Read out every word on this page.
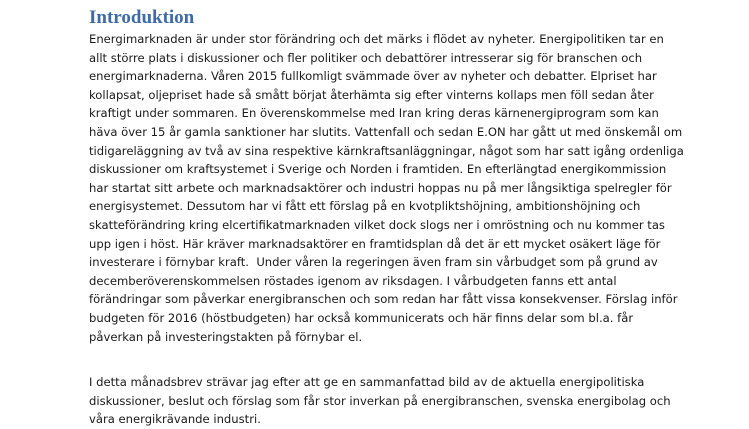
Introduktion
Energimarknaden är under stor förändring och det märks i flödet av nyheter. Energipolitiken tar en
allt större plats i diskussioner och fler politiker och debattörer intresserar sig för branschen och
energimarknaderna. Våren 2015 fullkomligt svämmade över av nyheter och debatter. Elpriset har
kollapsat, oljepriset hade så smått börjat återhämta sig efter vinterns kollaps men föll sedan åter
kraftigt under sommaren. En överenskommelse med Iran kring deras kärnenergiprogram som kan
häva över 15 år gamla sanktioner har slutits. Vattenfall och sedan E.ON har gått ut med önskemål om
tidigareläggning av två av sina respektive kärnkraftsanläggningar, något som har satt igång ordenliga
diskussioner om kraftsystemet i Sverige och Norden i framtiden. En efterlängtad energikommission
har startat sitt arbete och marknadsaktörer och industri hoppas nu på mer långsiktiga spelregler för
energisystemet. Dessutom har vi fått ett förslag på en kvotpliktshöjning, ambitionshöjning och
skatteförändring kring elcertifikatmarknaden vilket dock slogs ner i omröstning och nu kommer tas
upp igen i höst. Här kräver marknadsaktörer en framtidsplan då det är ett mycket osäkert läge för
investerare i förnybar kraft.  Under våren la regeringen även fram sin vårbudget som på grund av
decemberöverenskommelsen röstades igenom av riksdagen. I vårbudgeten fanns ett antal
förändringar som påverkar energibranschen och som redan har fått vissa konsekvenser. Förslag inför
budgeten för 2016 (höstbudgeten) har också kommunicerats och här finns delar som bl.a. får
påverkan på investeringstakten på förnybar el.
I detta månadsbrev strävar jag efter att ge en sammanfattad bild av de aktuella energipolitiska
diskussioner, beslut och förslag som får stor inverkan på energibranschen, svenska energibolag och
våra energikrävande industri.
